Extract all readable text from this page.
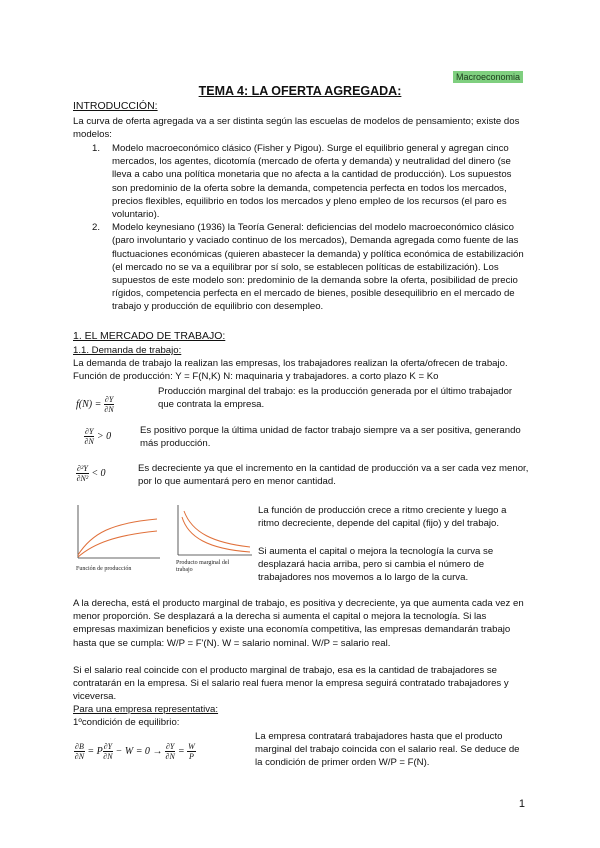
Macroeconomia
TEMA 4: LA OFERTA AGREGADA:
INTRODUCCIÓN:
La curva de oferta agregada va a ser distinta según las escuelas de modelos de pensamiento; existe dos modelos:
1. Modelo macroeconómico clásico (Fisher y Pigou). Surge el equilibrio general y agregan cinco mercados, los agentes, dicotomía (mercado de oferta y demanda) y neutralidad del dinero (se lleva a cabo una política monetaria que no afecta a la cantidad de producción). Los supuestos son predominio de la oferta sobre la demanda, competencia perfecta en todos los mercados, precios flexibles, equilibrio en todos los mercados y pleno empleo de los recursos (el paro es voluntario).
2. Modelo keynesiano (1936) la Teoría General: deficiencias del modelo macroeconómico clásico (paro involuntario y vaciado continuo de los mercados), Demanda agregada como fuente de las fluctuaciones económicas (quieren abastecer la demanda) y política económica de estabilización (el mercado no se va a equilibrar por sí solo, se establecen políticas de estabilización). Los supuestos de este modelo son: predominio de la demanda sobre la oferta, posibilidad de precio rígidos, competencia perfecta en el mercado de bienes, posible desequilibrio en el mercado de trabajo y producción de equilibrio con desempleo.
1. EL MERCADO DE TRABAJO:
1.1. Demanda de trabajo:
La demanda de trabajo la realizan las empresas, los trabajadores realizan la oferta/ofrecen de trabajo. Función de producción: Y = F(N,K) N: maquinaria y trabajadores. a corto plazo K = Ko
$f(N) = \frac{\partial Y}{\partial N}$
Producción marginal del trabajo: es la producción generada por el último trabajador que contrata la empresa.
$\frac{\partial Y}{\partial N} > 0$
Es positivo porque la última unidad de factor trabajo siempre va a ser positiva, generando más producción.
$\frac{\text{∂²Y}}{\text{∂N²}} < 0$	Es decreciente ya que el incremento en la cantidad de producción va a ser cada vez menor, por lo que aumentará pero en menor cantidad.
Función de producción
Producto marginal del trabajo
La función de producción crece a ritmo creciente y luego a ritmo decreciente, depende del capital (fijo) y del trabajo.
Si aumenta el capital o mejora la tecnología la curva se desplazará hacia arriba, pero si cambia el número de trabajadores nos movemos a lo largo de la curva.
A la derecha, está el producto marginal de trabajo, es positiva y decreciente, ya que aumenta cada vez en menor proporción. Se desplazará a la derecha si aumenta el capital o mejora la tecnología. Si las empresas maximizan beneficios y existe una economía competitiva, las empresas demandarán trabajo hasta que se cumpla: W/P = F'(N). W = salario nominal. W/P = salario real.
Si el salario real coincide con el producto marginal de trabajo, esa es la cantidad de trabajadores se contratarán en la empresa. Si el salario real fuera menor la empresa seguirá contratado trabajadores y viceversa.
Para una empresa representativa:
1ºcondición de equilibrio:
$\frac{\partial B}{\partial N} = P \frac{\partial Y}{\partial N} - W = 0 \to \frac{\partial Y}{\partial N} = \frac{W}{P}$
La empresa contratará trabajadores hasta que el producto marginal del trabajo coincida con el salario real. Se deduce de la condición de primer orden W/P = F(N).
1
